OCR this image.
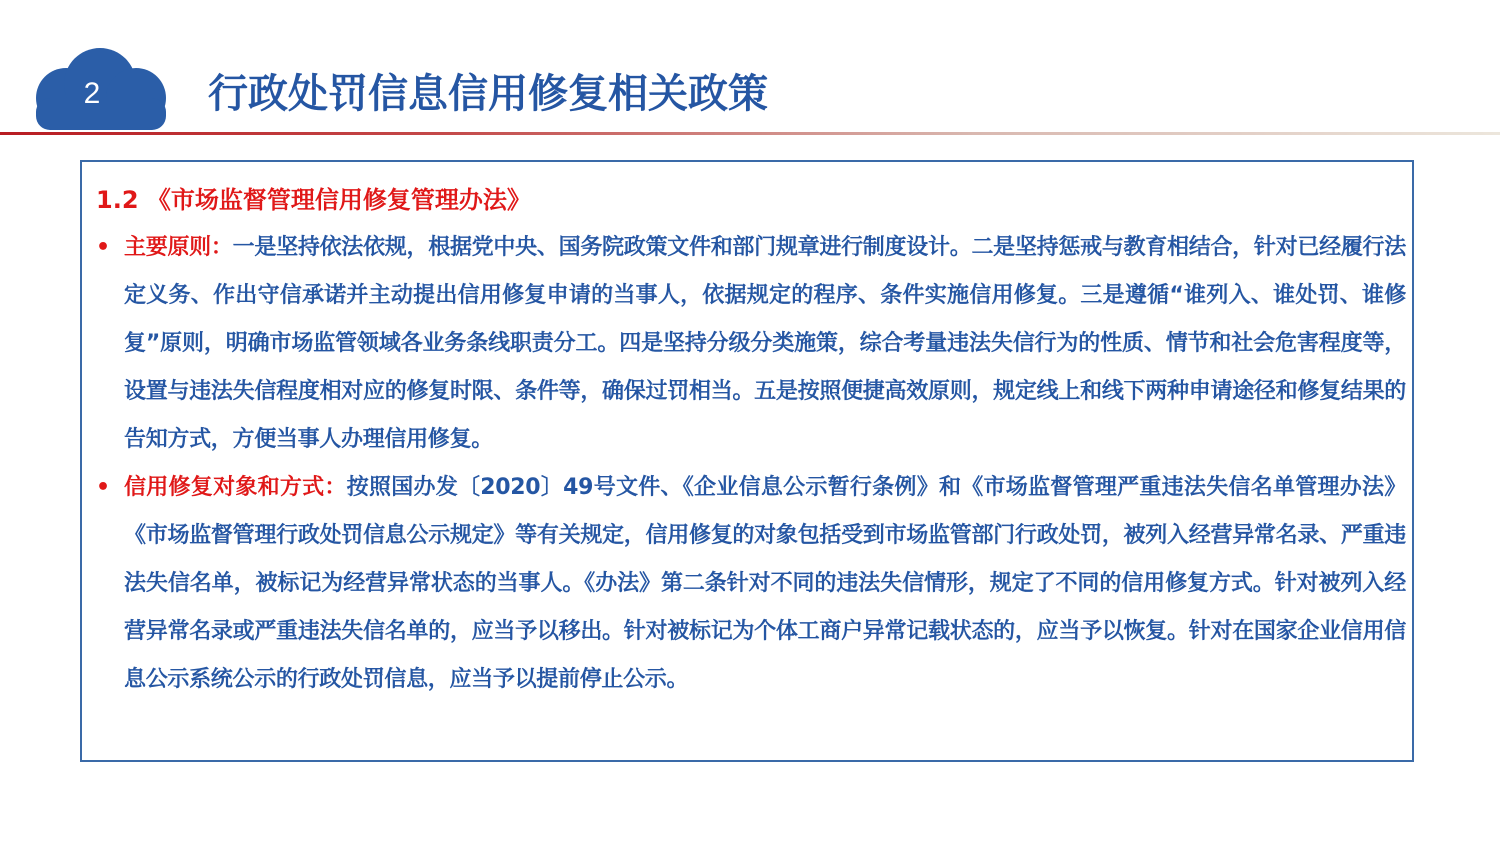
2	行政处罚信息信用修复相关政策
1.2 《市场监督管理信用修复管理办法》
• 主要原则：一是坚持依法依规，根据党中央、国务院政策文件和部门规章进行制度设计。二是坚持惩戒与教育相结合，针对已经履行法定义务、作出守信承诺并主动提出信用修复申请的当事人，依据规定的程序、条件实施信用修复。三是遵循“谁列入、谁处罚、谁修复”原则，明确市场监管领域各业务条线职责分工。四是坚持分级分类施策，综合考量违法失信行为的性质、情节和社会危害程度等，设置与违法失信程度相对应的修复时限、条件等，确保过罚相当。五是按照便捷高效原则，规定线上和线下两种申请途径和修复结果的告知方式，方便当事人办理信用修复。
• 信用修复对象和方式：按照国办发〔2020〕49号文件、《企业信息公示暂行条例》和《市场监督管理严重违法失信名单管理办法》《市场监督管理行政处罚信息公示规定》等有关规定，信用修复的对象包括受到市场监管部门行政处罚，被列入经营异常名录、严重违法失信名单，被标记为经营异常状态的当事人。《办法》第二条针对不同的违法失信情形，规定了不同的信用修复方式。针对被列入经营异常名录或严重违法失信名单的，应当予以移出。针对被标记为个体工商户异常记载状态的，应当予以恢复。针对在国家企业信用信息公示系统公示的行政处罚信息，应当予以提前停止公示。
